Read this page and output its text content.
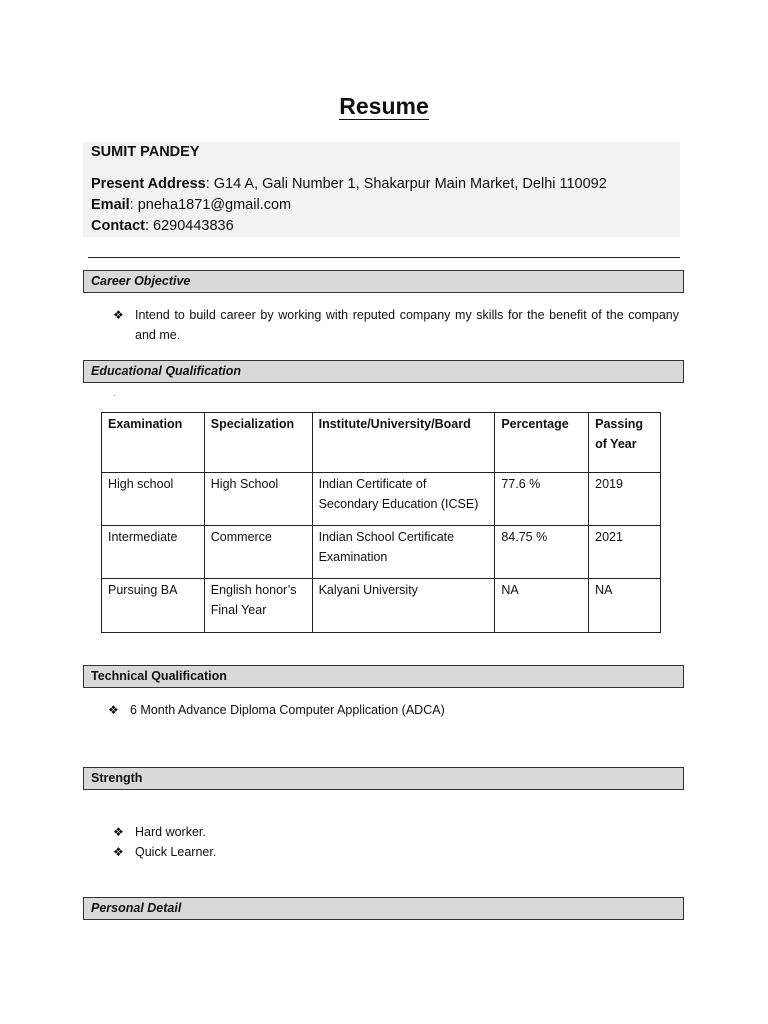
Resume
SUMIT PANDEY
Present Address: G14 A, Gali Number 1, Shakarpur Main Market, Delhi 110092
Email: pneha1871@gmail.com
Contact: 6290443836
Career Objective
❖ Intend to build career by working with reputed company my skills for the benefit of the company and me.
Educational Qualification
.
Examination	Specialization	Institute/University/Board	Percentage	Passing of Year
High school	High School	Indian Certificate of Secondary Education (ICSE)	77.6 %	2019
Intermediate	Commerce	Indian School Certificate Examination	84.75 %	2021
Pursuing BA	English honor’s Final Year	Kalyani University	NA	NA
Technical Qualification
❖ 6 Month Advance Diploma Computer Application (ADCA)
Strength
❖ Hard worker.
❖ Quick Learner.
Personal Detail
